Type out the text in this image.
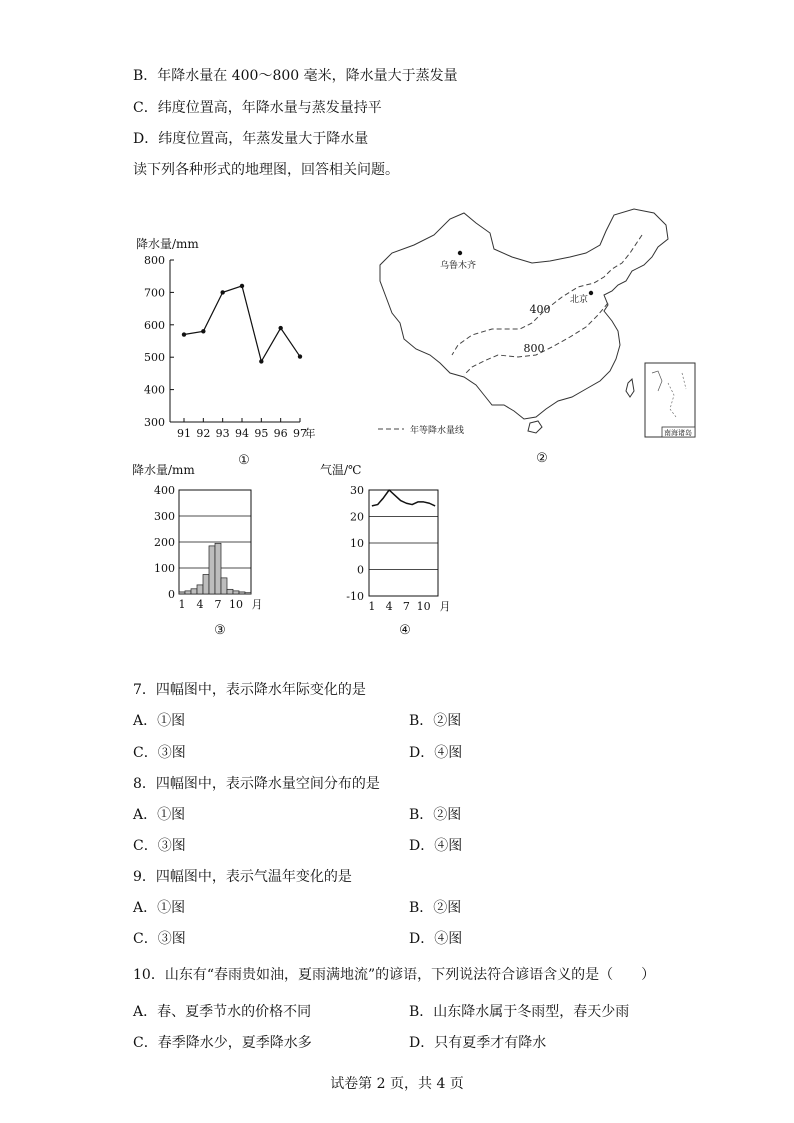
B．年降水量在 400～800 毫米，降水量大于蒸发量
C．纬度位置高，年降水量与蒸发量持平
D．纬度位置高，年蒸发量大于降水量
读下列各种形式的地理图，回答相关问题。
降水量/mm
800
700
600
500
400
300
91 92 93 94 95 96 97
年
①
乌鲁木齐
北京
400
800
南海诸岛
年等降水量线
②
降水量/mm
400
300
200
100
0
1 4 7 10 月
③
气温/℃
30
20
10
0
-10
1 4 7 10 月
④
7．四幅图中，表示降水年际变化的是
A．①图	B．②图
C．③图	D．④图
8．四幅图中，表示降水量空间分布的是
A．①图	B．②图
C．③图	D．④图
9．四幅图中，表示气温年变化的是
A．①图	B．②图
C．③图	D．④图
10．山东有“春雨贵如油，夏雨满地流”的谚语，下列说法符合谚语含义的是（　　）
A．春、夏季节水的价格不同	B．山东降水属于冬雨型，春天少雨
C．春季降水少，夏季降水多	D．只有夏季才有降水
试卷第 2 页，共 4 页
